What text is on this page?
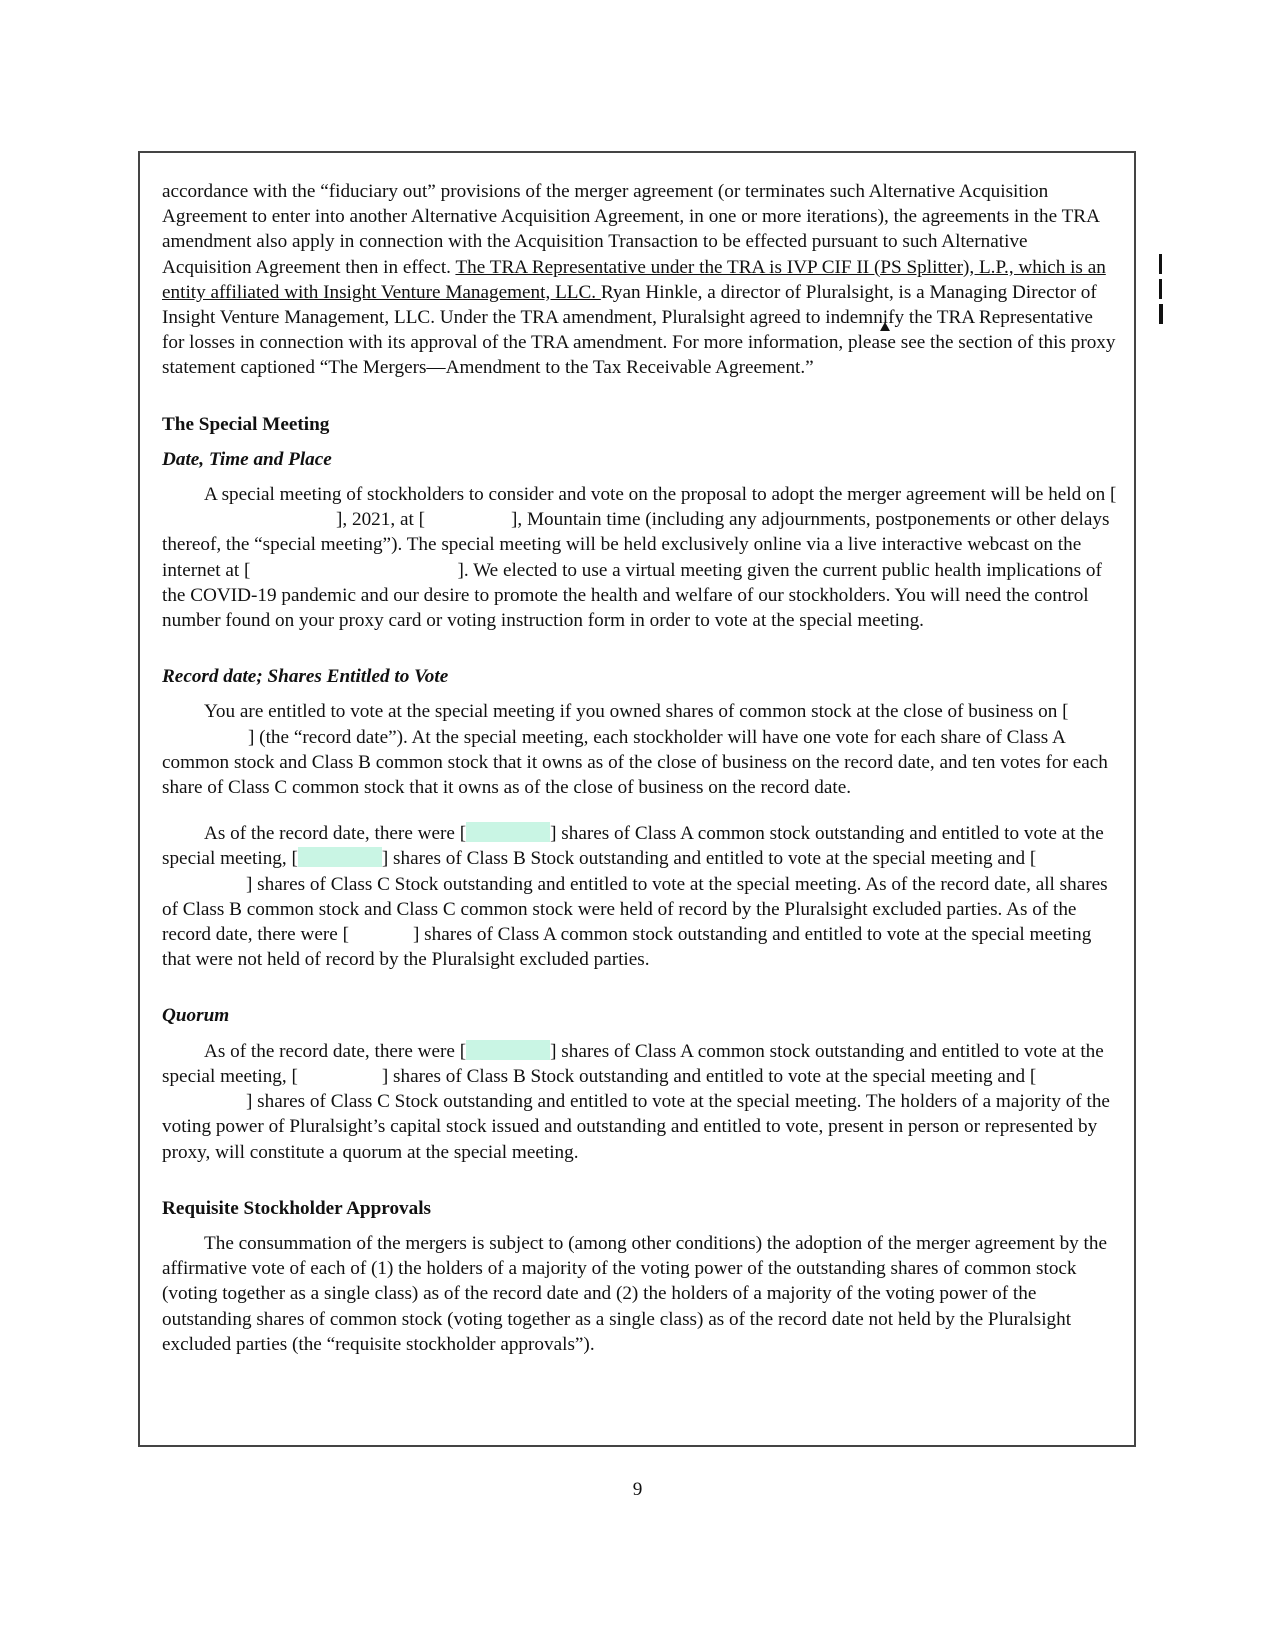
accordance with the “fiduciary out” provisions of the merger agreement (or terminates such Alternative Acquisition Agreement to enter into another Alternative Acquisition Agreement, in one or more iterations), the agreements in the TRA amendment also apply in connection with the Acquisition Transaction to be effected pursuant to such Alternative Acquisition Agreement then in effect. The TRA Representative under the TRA is IVP CIF II (PS Splitter), L.P., which is an entity affiliated with Insight Venture Management, LLC. Ryan Hinkle, a director of Pluralsight, is a Managing Director of Insight Venture Management, LLC. Under the TRA amendment, Pluralsight agreed to indemnify the TRA Representative for losses in connection with its approval of the TRA amendment. For more information, please see the section of this proxy statement captioned “The Mergers—Amendment to the Tax Receivable Agreement.”

The Special Meeting
Date, Time and Place

A special meeting of stockholders to consider and vote on the proposal to adopt the merger agreement will be held on [], 2021, at [	], Mountain time (including any adjournments, postponements or other delays thereof, the “special meeting”). The special meeting will be held exclusively online via a live interactive webcast on the internet at [	]. We elected to use a virtual meeting given the current public health implications of the COVID-19 pandemic and our desire to promote the health and welfare of our stockholders. You will need the control number found on your proxy card or voting instruction form in order to vote at the special meeting.

Record date; Shares Entitled to Vote

You are entitled to vote at the special meeting if you owned shares of common stock at the close of business on [] (the “record date”). At the special meeting, each stockholder will have one vote for each share of Class A common stock and Class B common stock that it owns as of the close of business on the record date, and ten votes for each share of Class C common stock that it owns as of the close of business on the record date.

As of the record date, there were [	] shares of Class A common stock outstanding and entitled to vote at the special meeting, [	] shares of Class B Stock outstanding and entitled to vote at the special meeting and [] shares of Class C Stock outstanding and entitled to vote at the special meeting. As of the record date, all shares of Class B common stock and Class C common stock were held of record by the Pluralsight excluded parties. As of the record date, there were [	] shares of Class A common stock outstanding and entitled to vote at the special meeting that were not held of record by the Pluralsight excluded parties.

Quorum

As of the record date, there were [	] shares of Class A common stock outstanding and entitled to vote at the special meeting, [	] shares of Class B Stock outstanding and entitled to vote at the special meeting and [] shares of Class C Stock outstanding and entitled to vote at the special meeting. The holders of a majority of the voting power of Pluralsight’s capital stock issued and outstanding and entitled to vote, present in person or represented by proxy, will constitute a quorum at the special meeting.

Requisite Stockholder Approvals

The consummation of the mergers is subject to (among other conditions) the adoption of the merger agreement by the affirmative vote of each of (1) the holders of a majority of the voting power of the outstanding shares of common stock (voting together as a single class) as of the record date and (2) the holders of a majority of the voting power of the outstanding shares of common stock (voting together as a single class) as of the record date not held by the Pluralsight excluded parties (the “requisite stockholder approvals”).

9
